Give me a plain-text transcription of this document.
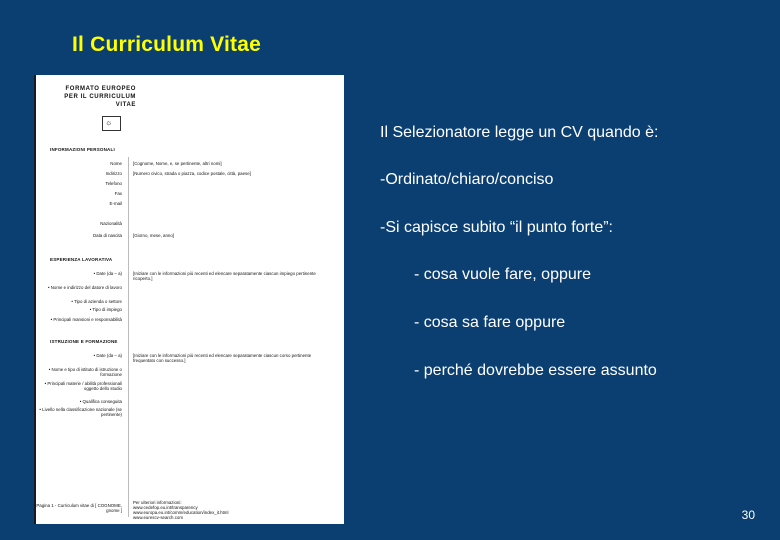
Il Curriculum Vitae
FORMATO EUROPEO PER IL CURRICULUM VITAE
☼
INFORMAZIONI PERSONALI
Nome
Indirizzo
Telefono
Fax
E-mail
Nazionalità
Data di nascita
[Cognome, Nome, e, se pertinente, altri nomi]
[Numero civico, strada o piazza, codice postale, città, paese]
[Giorno, mese, anno]
ESPERIENZA LAVORATIVA
• Date (da – a)
• Nome e indirizzo del datore di lavoro
• Tipo di azienda o settore
• Tipo di impiego
• Principali mansioni e responsabilità
[Iniziare con le informazioni più recenti ed elencare separatamente ciascun impiego pertinente ricoperto.]
ISTRUZIONE E FORMAZIONE
• Date (da – a)
• Nome e tipo di istituto di istruzione o formazione
• Principali materie / abilità professionali oggetto dello studio
• Qualifica conseguita
• Livello nella classificazione nazionale (se pertinente)
[Iniziare con le informazioni più recenti ed elencare separatamente ciascun corso pertinente frequentato con successo.]
Pagina 1 - Curriculum vitae di [ COGNOME, gnome ]
Per ulteriori informazioni: www.cedefop.eu.int/transparency www.europa.eu.int/comm/education/index_it.html www.eurescv-search.com
Il Selezionatore legge un CV quando è:
-Ordinato/chiaro/conciso
-Si capisce subito “il punto forte”:
- cosa vuole fare, oppure
- cosa sa fare oppure
- perché dovrebbe essere assunto
30
